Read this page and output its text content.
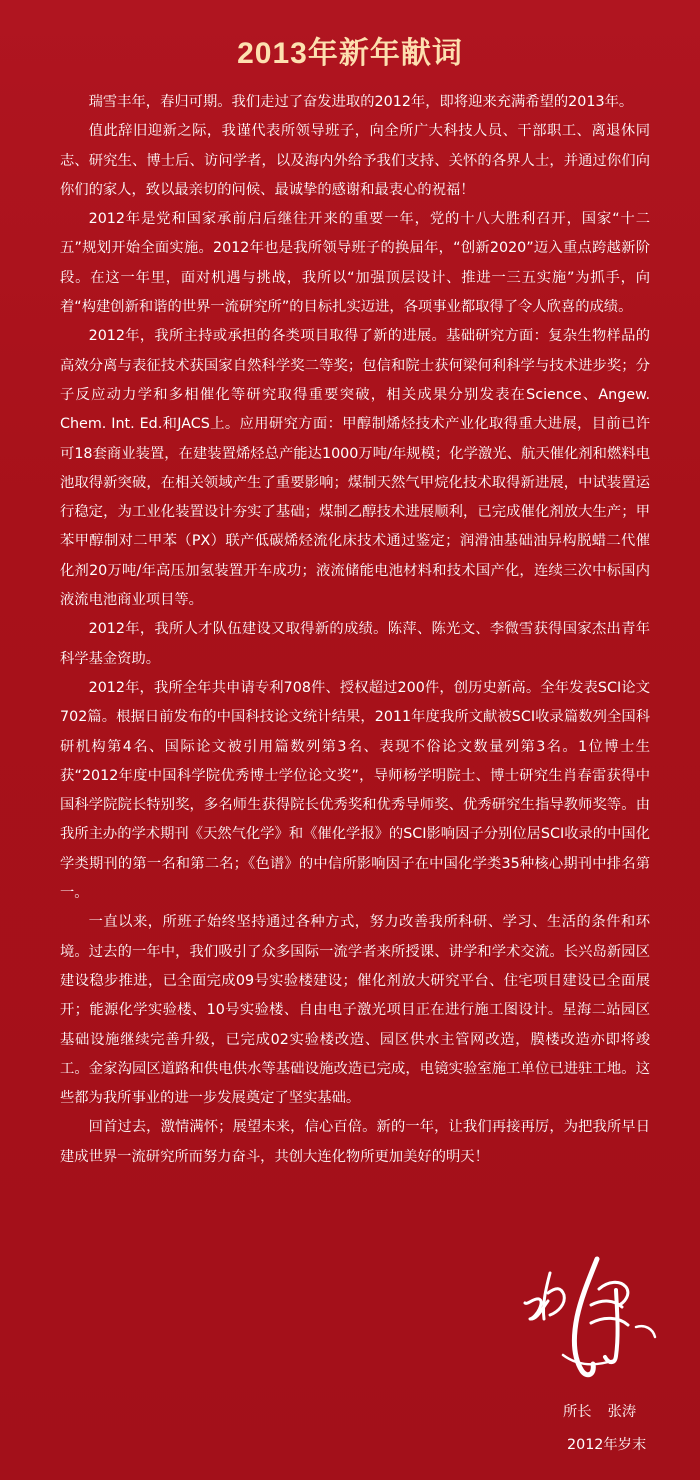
2013年新年献词

瑞雪丰年，春归可期。我们走过了奋发进取的2012年，即将迎来充满希望的2013年。

值此辞旧迎新之际，我谨代表所领导班子，向全所广大科技人员、干部职工、离退休同志、研究生、博士后、访问学者，以及海内外给予我们支持、关怀的各界人士，并通过你们向你们的家人，致以最亲切的问候、最诚挚的感谢和最衷心的祝福！

2012年是党和国家承前启后继往开来的重要一年，党的十八大胜利召开，国家“十二五”规划开始全面实施。2012年也是我所领导班子的换届年，“创新2020”迈入重点跨越新阶段。在这一年里，面对机遇与挑战，我所以“加强顶层设计、推进一三五实施”为抓手，向着“构建创新和谐的世界一流研究所”的目标扎实迈进，各项事业都取得了令人欣喜的成绩。

2012年，我所主持或承担的各类项目取得了新的进展。基础研究方面：复杂生物样品的高效分离与表征技术获国家自然科学奖二等奖；包信和院士获何梁何利科学与技术进步奖；分子反应动力学和多相催化等研究取得重要突破，相关成果分别发表在Science、Angew. Chem. Int. Ed.和JACS上。应用研究方面：甲醇制烯烃技术产业化取得重大进展，目前已许可18套商业装置，在建装置烯烃总产能达1000万吨/年规模；化学激光、航天催化剂和燃料电池取得新突破，在相关领域产生了重要影响；煤制天然气甲烷化技术取得新进展，中试装置运行稳定，为工业化装置设计夯实了基础；煤制乙醇技术进展顺利，已完成催化剂放大生产；甲苯甲醇制对二甲苯（PX）联产低碳烯烃流化床技术通过鉴定；润滑油基础油异构脱蜡二代催化剂20万吨/年高压加氢装置开车成功；液流储能电池材料和技术国产化，连续三次中标国内液流电池商业项目等。

2012年，我所人才队伍建设又取得新的成绩。陈萍、陈光文、李微雪获得国家杰出青年科学基金资助。

2012年，我所全年共申请专利708件、授权超过200件，创历史新高。全年发表SCI论文702篇。根据日前发布的中国科技论文统计结果，2011年度我所文献被SCI收录篇数列全国科研机构第4名、国际论文被引用篇数列第3名、表现不俗论文数量列第3名。1位博士生获“2012年度中国科学院优秀博士学位论文奖”，导师杨学明院士、博士研究生肖春雷获得中国科学院院长特别奖，多名师生获得院长优秀奖和优秀导师奖、优秀研究生指导教师奖等。由我所主办的学术期刊《天然气化学》和《催化学报》的SCI影响因子分别位居SCI收录的中国化学类期刊的第一名和第二名；《色谱》的中信所影响因子在中国化学类35种核心期刊中排名第一。

一直以来，所班子始终坚持通过各种方式，努力改善我所科研、学习、生活的条件和环境。过去的一年中，我们吸引了众多国际一流学者来所授课、讲学和学术交流。长兴岛新园区建设稳步推进，已全面完成09号实验楼建设；催化剂放大研究平台、住宅项目建设已全面展开；能源化学实验楼、10号实验楼、自由电子激光项目正在进行施工图设计。星海二站园区基础设施继续完善升级，已完成02实验楼改造、园区供水主管网改造，膜楼改造亦即将竣工。金家沟园区道路和供电供水等基础设施改造已完成，电镜实验室施工单位已进驻工地。这些都为我所事业的进一步发展奠定了坚实基础。

回首过去，激情满怀；展望未来，信心百倍。新的一年，让我们再接再厉，为把我所早日建成世界一流研究所而努力奋斗，共创大连化物所更加美好的明天！

所长 张涛
2012年岁末
